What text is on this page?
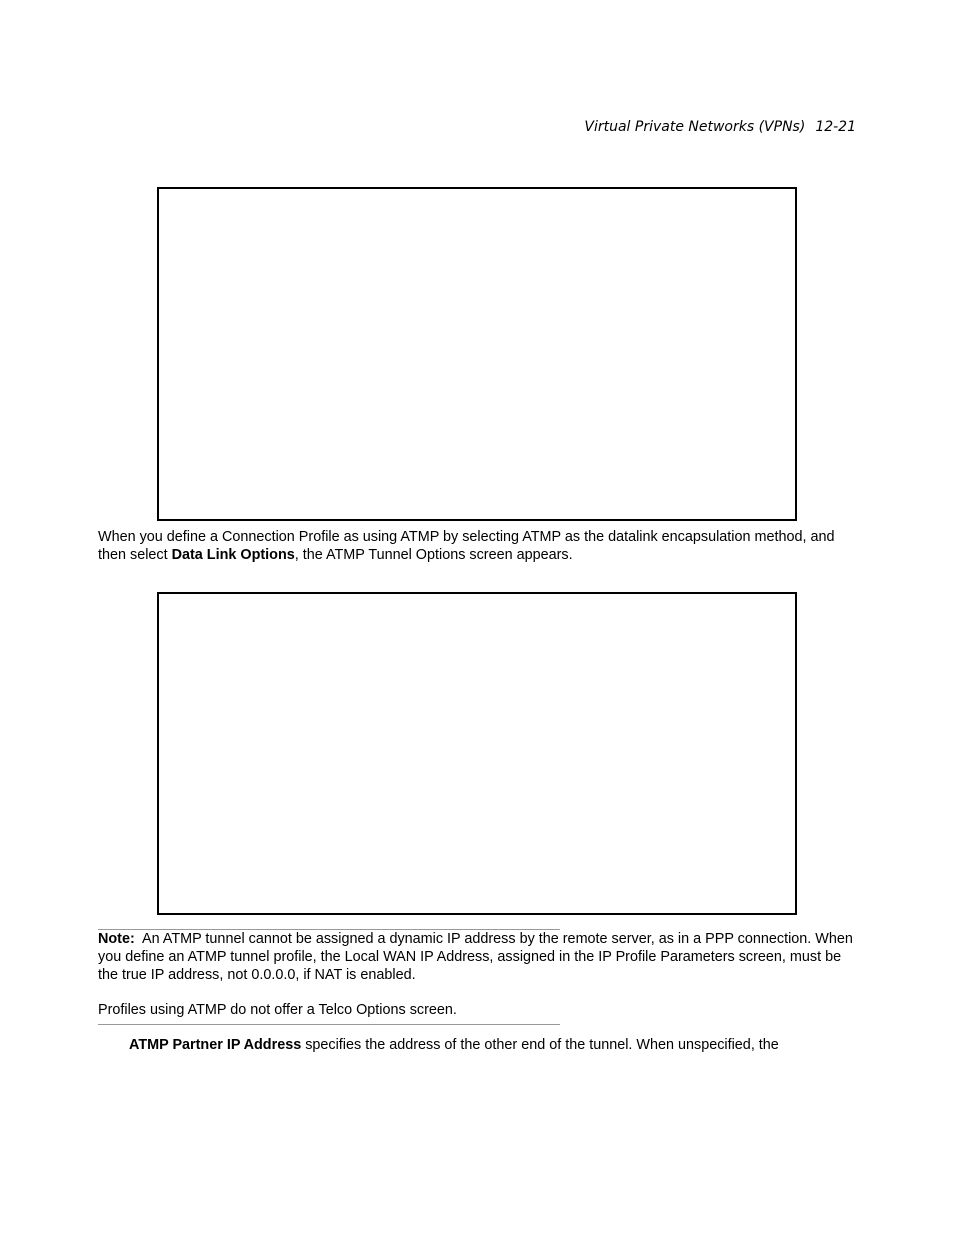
Virtual Private Networks (VPNs) 12-21
When you define a Connection Profile as using ATMP by selecting ATMP as the datalink encapsulation method, and then select Data Link Options, the ATMP Tunnel Options screen appears.
Note: An ATMP tunnel cannot be assigned a dynamic IP address by the remote server, as in a PPP connection. When you define an ATMP tunnel profile, the Local WAN IP Address, assigned in the IP Profile Parameters screen, must be the true IP address, not 0.0.0.0, if NAT is enabled.
Profiles using ATMP do not offer a Telco Options screen.
ATMP Partner IP Address specifies the address of the other end of the tunnel. When unspecified, the
